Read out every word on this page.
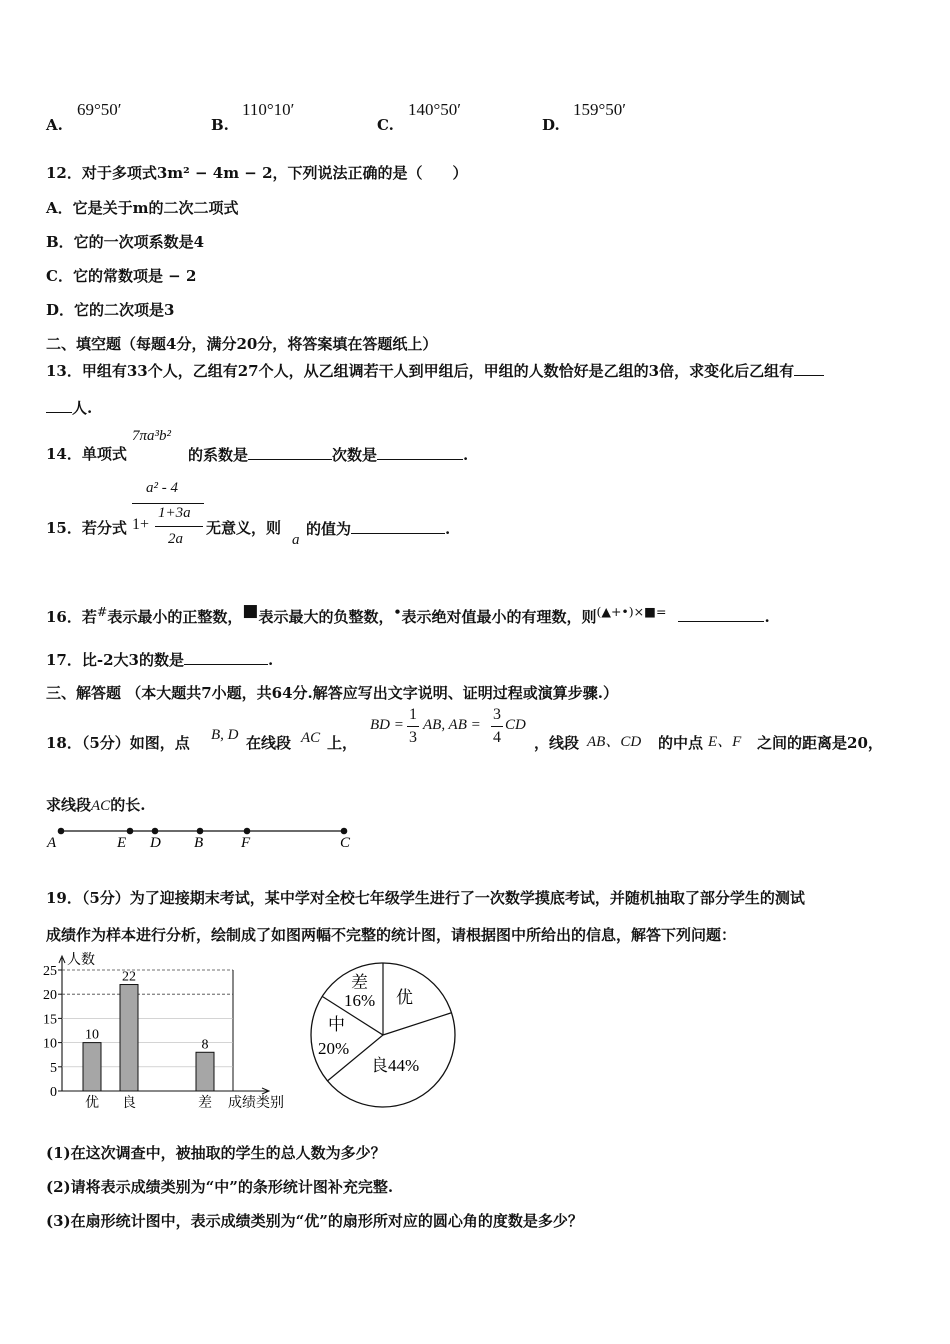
A.
69°50′
B.
110°10′
C.
140°50′
D.
159°50′
12．对于多项式3m² − 4m − 2，下列说法正确的是（　　）
A．它是关于m的二次二项式
B．它的一次项系数是4
C．它的常数项是 − 2
D．它的二次项是3
二、填空题（每题4分，满分20分，将答案填在答题纸上）
13．甲组有33个人，乙组有27个人，从乙组调若干人到甲组后，甲组的人数恰好是乙组的3倍，求变化后乙组有
人.
14．单项式
7πa³b²
的系数是	次数是	.
15．若分式
a² - 4
1+
1+3a
2a
无意义，则
a
的值为	.
16．若#表示最小的正整数，■表示最大的负整数，•表示绝对值最小的有理数，则(▲+•)×■=	.
17．比-2大3的数是	.
三、解答题 （本大题共7小题，共64分.解答应写出文字说明、证明过程或演算步骤.）
18．（5分）如图，点 B, D 在线段 AC 上，
BD =
1
3
AB, AB =
3
4
CD
，线段 AB、CD 的中点 E、F 之间的距离是20，
求线段AC的长.
A	E D B	F	C
19．（5分）为了迎接期末考试，某中学对全校七年级学生进行了一次数学摸底考试，并随机抽取了部分学生的测试
成绩作为样本进行分析，绘制成了如图两幅不完整的统计图，请根据图中所给出的信息，解答下列问题：
0
5
10
15
20
25
人数
10
优
22
良
8
差 成绩类别
差
16% 优
良44%
中
20%
(1)在这次调查中，被抽取的学生的总人数为多少？
(2)请将表示成绩类别为“中”的条形统计图补充完整.
(3)在扇形统计图中，表示成绩类别为“优”的扇形所对应的圆心角的度数是多少？
